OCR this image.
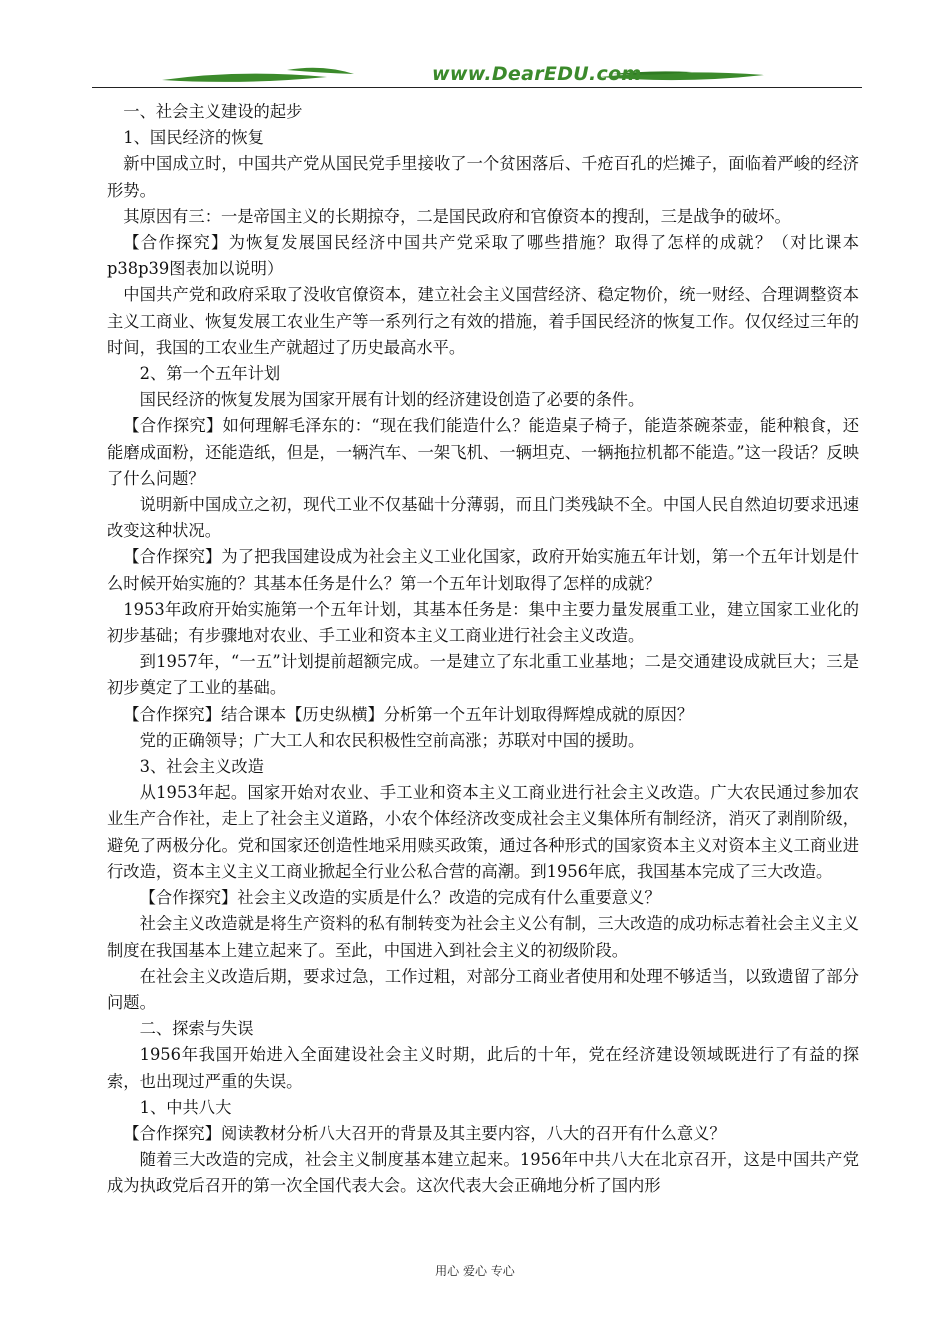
www.DearEDU.com

一、社会主义建设的起步

1、国民经济的恢复

新中国成立时，中国共产党从国民党手里接收了一个贫困落后、千疮百孔的烂摊子，面临着严峻的经济形势。

其原因有三：一是帝国主义的长期掠夺，二是国民政府和官僚资本的搜刮，三是战争的破坏。

【合作探究】为恢复发展国民经济中国共产党采取了哪些措施？取得了怎样的成就？（对比课本p38p39图表加以说明）

中国共产党和政府采取了没收官僚资本，建立社会主义国营经济、稳定物价，统一财经、合理调整资本主义工商业、恢复发展工农业生产等一系列行之有效的措施，着手国民经济的恢复工作。仅仅经过三年的时间，我国的工农业生产就超过了历史最高水平。

2、第一个五年计划

国民经济的恢复发展为国家开展有计划的经济建设创造了必要的条件。

【合作探究】如何理解毛泽东的：“现在我们能造什么？能造桌子椅子，能造茶碗茶壶，能种粮食，还能磨成面粉，还能造纸，但是，一辆汽车、一架飞机、一辆坦克、一辆拖拉机都不能造。”这一段话？反映了什么问题？

说明新中国成立之初，现代工业不仅基础十分薄弱，而且门类残缺不全。中国人民自然迫切要求迅速改变这种状况。

【合作探究】为了把我国建设成为社会主义工业化国家，政府开始实施五年计划，第一个五年计划是什么时候开始实施的？其基本任务是什么？第一个五年计划取得了怎样的成就？

1953年政府开始实施第一个五年计划，其基本任务是：集中主要力量发展重工业，建立国家工业化的初步基础；有步骤地对农业、手工业和资本主义工商业进行社会主义改造。

到1957年，“一五”计划提前超额完成。一是建立了东北重工业基地；二是交通建设成就巨大；三是初步奠定了工业的基础。

【合作探究】结合课本【历史纵横】分析第一个五年计划取得辉煌成就的原因？

党的正确领导；广大工人和农民积极性空前高涨；苏联对中国的援助。

3、社会主义改造

从1953年起。国家开始对农业、手工业和资本主义工商业进行社会主义改造。广大农民通过参加农业生产合作社，走上了社会主义道路，小农个体经济改变成社会主义集体所有制经济，消灭了剥削阶级，避免了两极分化。党和国家还创造性地采用赎买政策，通过各种形式的国家资本主义对资本主义工商业进行改造，资本主义主义工商业掀起全行业公私合营的高潮。到1956年底，我国基本完成了三大改造。

【合作探究】社会主义改造的实质是什么？改造的完成有什么重要意义？

社会主义改造就是将生产资料的私有制转变为社会主义公有制，三大改造的成功标志着社会主义主义制度在我国基本上建立起来了。至此，中国进入到社会主义的初级阶段。

在社会主义改造后期，要求过急，工作过粗，对部分工商业者使用和处理不够适当，以致遗留了部分问题。

二、探索与失误

1956年我国开始进入全面建设社会主义时期，此后的十年，党在经济建设领域既进行了有益的探索，也出现过严重的失误。

1、中共八大

【合作探究】阅读教材分析八大召开的背景及其主要内容，八大的召开有什么意义？

随着三大改造的完成，社会主义制度基本建立起来。1956年中共八大在北京召开，这是中国共产党成为执政党后召开的第一次全国代表大会。这次代表大会正确地分析了国内形

用心 爱心 专心
